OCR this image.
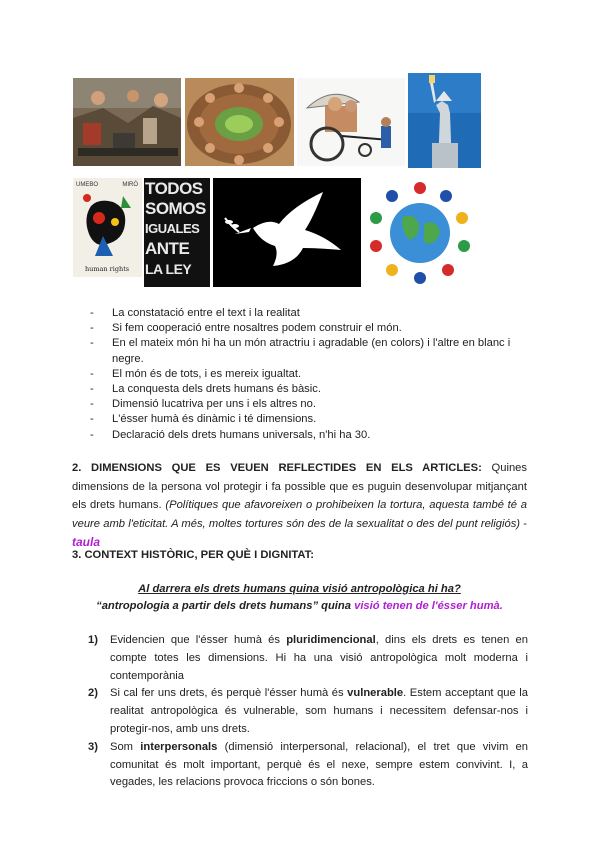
UMEBO	MIRÓ
human rights
TODOS
SOMOS
IGUALES
ANTE
LA LEY
- La constatació entre el text i la realitat
- Si fem cooperació entre nosaltres podem construir el món.
- En el mateix món hi ha un món atractriu i agradable (en colors) i l'altre en blanc i negre.
- El món és de tots, i es mereix igualtat.
- La conquesta dels drets humans és bàsic.
- Dimensió lucatriva per uns i els altres no.
- L'ésser humà és dinàmic i té dimensions.
- Declaració dels drets humans universals, n'hi ha 30.
2. DIMENSIONS QUE ES VEUEN REFLECTIDES EN ELS ARTICLES: Quines dimensions de la persona vol protegir i fa possible que es puguin desenvolupar mitjançant els drets humans. (Polítiques que afavoreixen o prohibeixen la tortura, aquesta també té a veure amb l'eticitat. A més, moltes tortures són des de la sexualitat o des del punt religiós) - taula
3. CONTEXT HISTÒRIC, PER QUÈ I DIGNITAT:
Al darrera els drets humans quina visió antropològica hi ha?
“antropologia a partir dels drets humans” quina visió tenen de l'ésser humà.
1) Evidencien que l'ésser humà és pluridimencional, dins els drets es tenen en compte totes les dimensions. Hi ha una visió antropològica molt moderna i contemporània
2) Si cal fer uns drets, és perquè l'ésser humà és vulnerable. Estem acceptant que la realitat antropològica és vulnerable, som humans i necessitem defensar-nos i protegir-nos, amb uns drets.
3) Som interpersonals (dimensió interpersonal, relacional), el tret que vivim en comunitat és molt important, perquè és el nexe, sempre estem convivint. I, a vegades, les relacions provoca friccions o són bones.
